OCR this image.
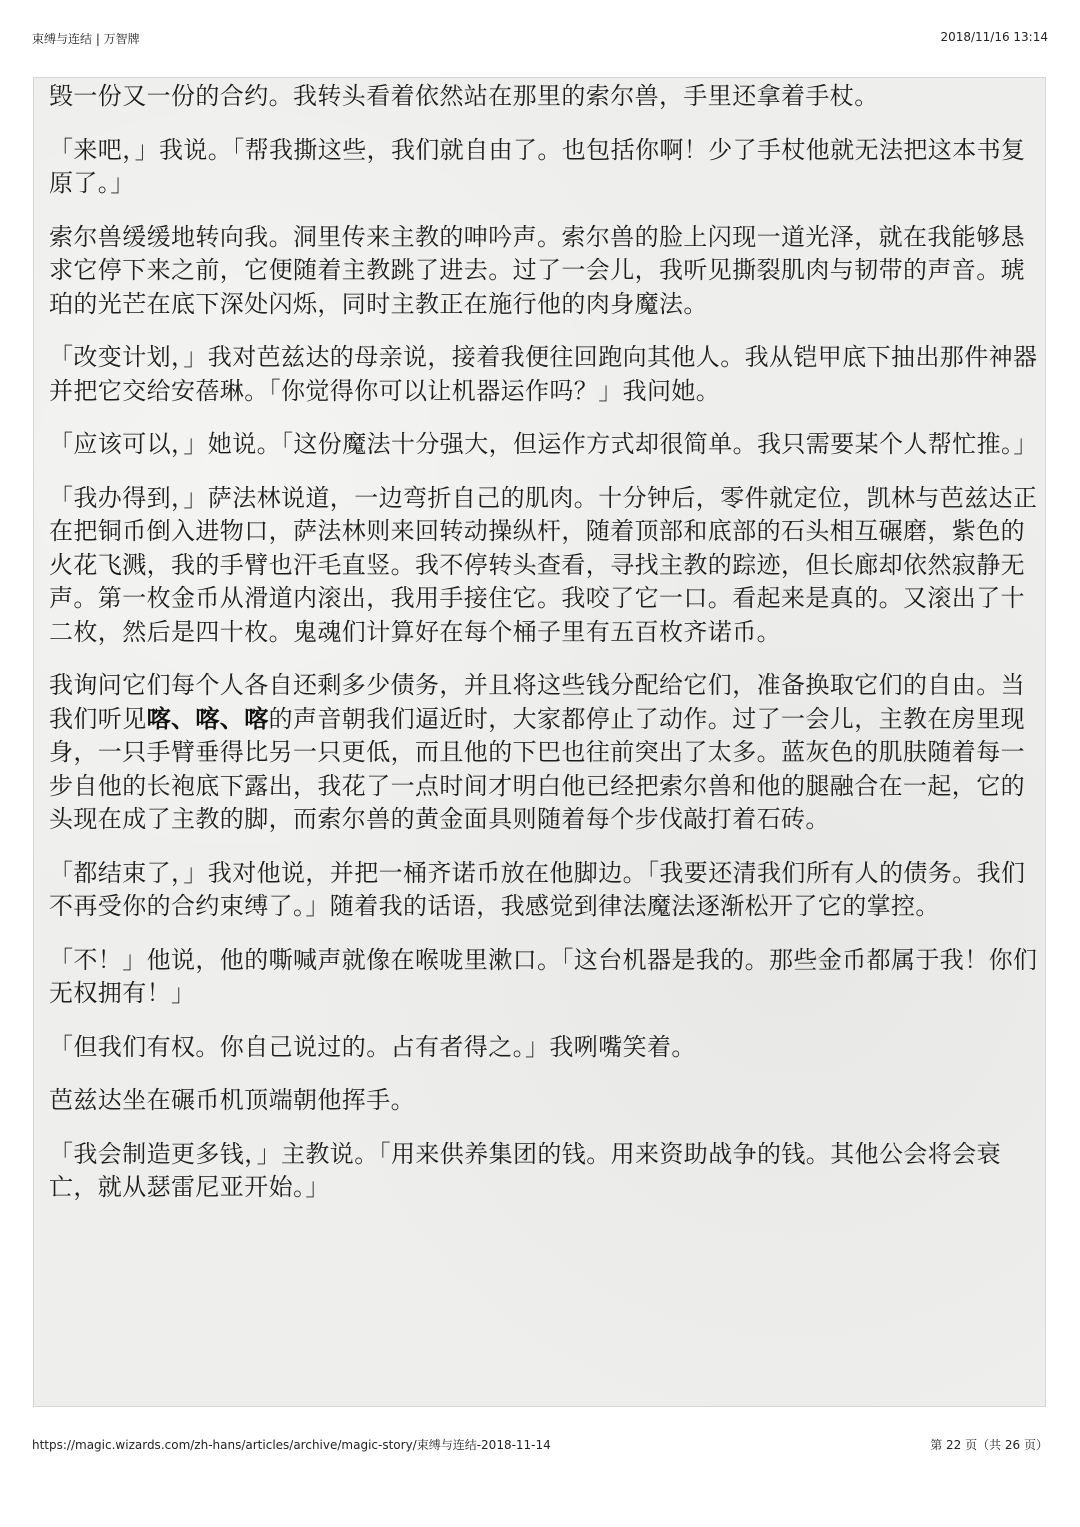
束缚与连结 | 万智牌	2018/11/16 13:14

毁一份又一份的合约。我转头看着依然站在那里的索尔兽，手里还拿着手杖。

「来吧，」我说。「帮我撕这些，我们就自由了。也包括你啊！少了手杖他就无法把这本书复原了。」

索尔兽缓缓地转向我。洞里传来主教的呻吟声。索尔兽的脸上闪现一道光泽，就在我能够恳求它停下来之前，它便随着主教跳了进去。过了一会儿，我听见撕裂肌肉与韧带的声音。琥珀的光芒在底下深处闪烁，同时主教正在施行他的肉身魔法。

「改变计划，」我对芭兹达的母亲说，接着我便往回跑向其他人。我从铠甲底下抽出那件神器并把它交给安蓓琳。「你觉得你可以让机器运作吗？」我问她。

「应该可以，」她说。「这份魔法十分强大，但运作方式却很简单。我只需要某个人帮忙推。」

「我办得到，」萨法林说道，一边弯折自己的肌肉。十分钟后，零件就定位，凯林与芭兹达正在把铜币倒入进物口，萨法林则来回转动操纵杆，随着顶部和底部的石头相互碾磨，紫色的火花飞溅，我的手臂也汗毛直竖。我不停转头查看，寻找主教的踪迹，但长廊却依然寂静无声。第一枚金币从滑道内滚出，我用手接住它。我咬了它一口。看起来是真的。又滚出了十二枚，然后是四十枚。鬼魂们计算好在每个桶子里有五百枚齐诺币。

我询问它们每个人各自还剩多少债务，并且将这些钱分配给它们，准备换取它们的自由。当我们听见喀、喀、喀的声音朝我们逼近时，大家都停止了动作。过了一会儿，主教在房里现身，一只手臂垂得比另一只更低，而且他的下巴也往前突出了太多。蓝灰色的肌肤随着每一步自他的长袍底下露出，我花了一点时间才明白他已经把索尔兽和他的腿融合在一起，它的头现在成了主教的脚，而索尔兽的黄金面具则随着每个步伐敲打着石砖。

「都结束了，」我对他说，并把一桶齐诺币放在他脚边。「我要还清我们所有人的债务。我们不再受你的合约束缚了。」随着我的话语，我感觉到律法魔法逐渐松开了它的掌控。

「不！」他说，他的嘶喊声就像在喉咙里漱口。「这台机器是我的。那些金币都属于我！你们无权拥有！」

「但我们有权。你自己说过的。占有者得之。」我咧嘴笑着。

芭兹达坐在碾币机顶端朝他挥手。

「我会制造更多钱，」主教说。「用来供养集团的钱。用来资助战争的钱。其他公会将会衰亡，就从瑟雷尼亚开始。」

https://magic.wizards.com/zh-hans/articles/archive/magic-story/束缚与连结-2018-11-14	第 22 页（共 26 页）
